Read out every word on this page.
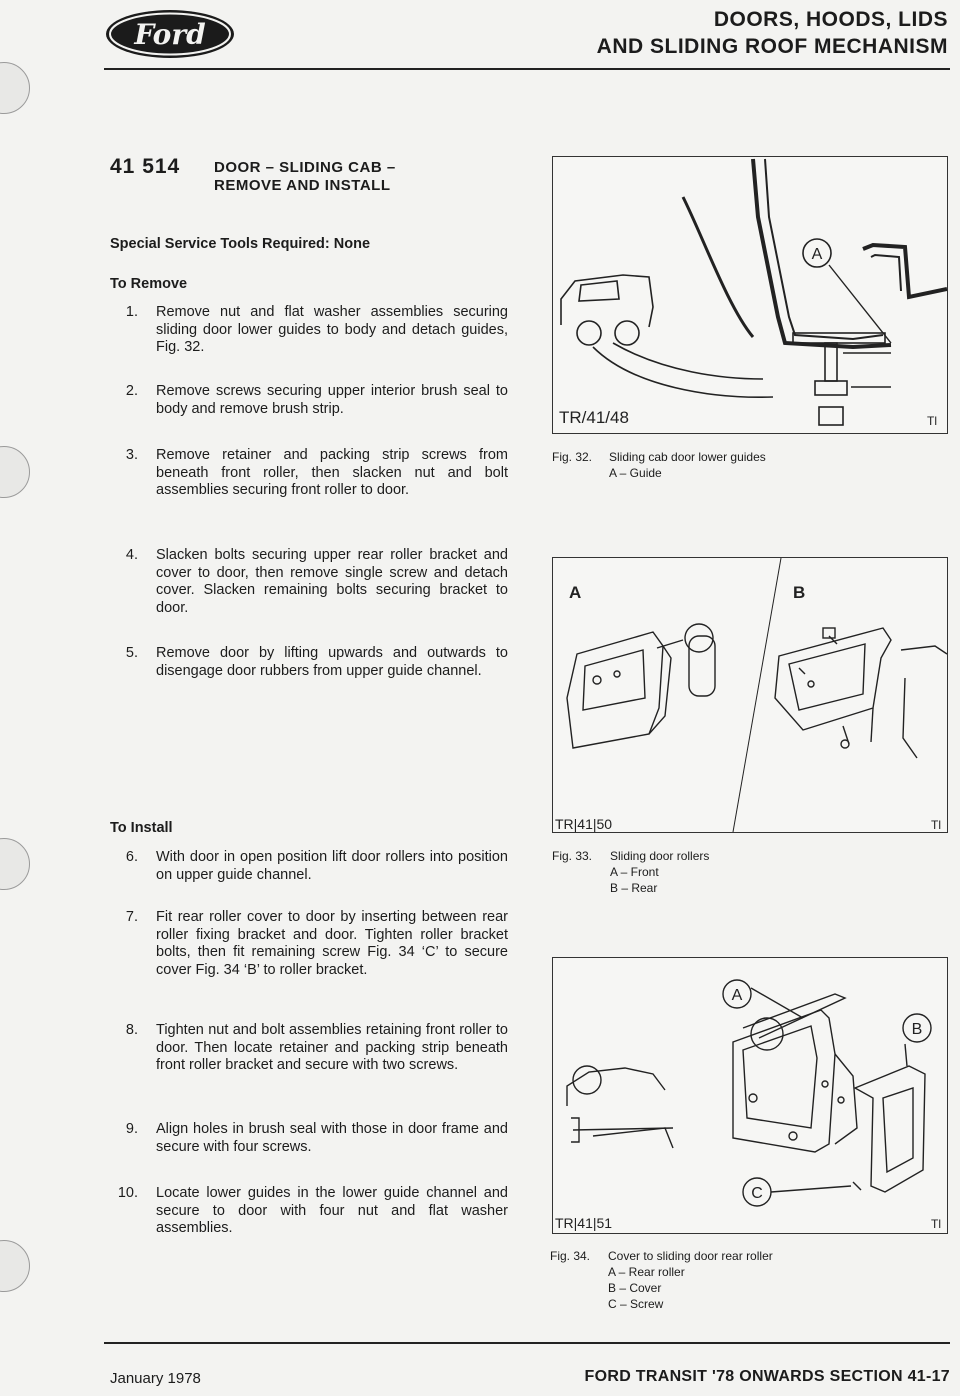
Ford	DOORS, HOODS, LIDS
AND SLIDING ROOF MECHANISM
41 514 DOOR – SLIDING CAB –
REMOVE AND INSTALL
Special Service Tools Required: None
To Remove
1. Remove nut and flat washer assemblies securing sliding door lower guides to body and detach guides, Fig. 32.
2. Remove screws securing upper interior brush seal to body and remove brush strip.
3. Remove retainer and packing strip screws from beneath front roller, then slacken nut and bolt assemblies securing front roller to door.
4. Slacken bolts securing upper rear roller bracket and cover to door, then remove single screw and detach cover. Slacken remaining bolts securing bracket to door.
5. Remove door by lifting upwards and outwards to disengage door rubbers from upper guide channel.
To Install
6. With door in open position lift door rollers into position on upper guide channel.
7. Fit rear roller cover to door by inserting between rear roller fixing bracket and door. Tighten roller bracket bolts, then fit remaining screw Fig. 34 ‘C’ to secure cover Fig. 34 ‘B’ to roller bracket.
8. Tighten nut and bolt assemblies retaining front roller to door. Then locate retainer and packing strip beneath front roller bracket and secure with two screws.
9. Align holes in brush seal with those in door frame and secure with four screws.
10. Locate lower guides in the lower guide channel and secure to door with four nut and flat washer assemblies.
A
TR/41/48	Tl
Fig. 32. Sliding cab door lower guides
A – Guide
A	B
TR|41|50	Tl
Fig. 33. Sliding door rollers
A – Front
B – Rear
A
B
C
TR|41|51	Tl
Fig. 34. Cover to sliding door rear roller
A – Rear roller
B – Cover
C – Screw
January 1978	FORD TRANSIT '78 ONWARDS SECTION 41-17
